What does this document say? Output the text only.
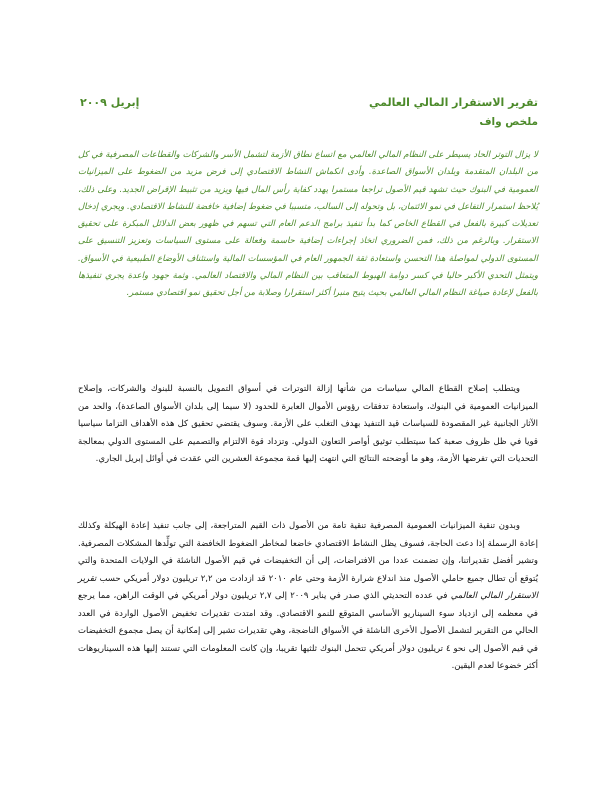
تقرير الاستقرار المالي العالمي
إبريل ٢٠٠٩
ملخص واف

لا يزال التوتر الحاد يسيطر على النظام المالي العالمي مع اتساع نطاق الأزمة لتشمل الأسر والشركات والقطاعات المصرفية في كل من البلدان المتقدمة وبلدان الأسواق الصاعدة. وأدى انكماش النشاط الاقتصادي إلى فرض مزيد من الضغوط على الميزانيات العمومية في البنوك حيث تشهد قيم الأصول تراجعا مستمرا يهدد كفاية رأس المال فيها ويزيد من تثبيط الإقراض الجديد. وعلى ذلك، يُلاحظ استمرار التفاعل في نمو الائتمان، بل وتحوله إلى السالب، متسببا في ضغوط إضافية خافضة للنشاط الاقتصادي. ويجري إدخال تعديلات كبيرة بالفعل في القطاع الخاص كما بدأ تنفيذ برامج الدعم العام التي تسهم في ظهور بعض الدلائل المبكرة على تحقيق الاستقرار. وبالرغم من ذلك، فمن الضروري اتخاذ إجراءات إضافية حاسمة وفعالة على مستوى السياسات وتعزيز التنسيق على المستوى الدولي لمواصلة هذا التحسن واستعادة ثقة الجمهور العام في المؤسسات المالية واستئناف الأوضاع الطبيعية في الأسواق. ويتمثل التحدي الأكبر حاليا في كسر دوامة الهبوط المتعاقب بين النظام المالي والاقتصاد العالمي. وثمة جهود واعدة يجري تنفيذها بالفعل لإعادة صياغة النظام المالي العالمي بحيث يتيح منبرا أكثر استقرارا وصلابة من أجل تحقيق نمو اقتصادي مستمر.

ويتطلب إصلاح القطاع المالي سياسات من شأنها إزالة التوترات في أسواق التمويل بالنسبة للبنوك والشركات، وإصلاح الميزانيات العمومية في البنوك، واستعادة تدفقات رؤوس الأموال العابرة للحدود (لا سيما إلى بلدان الأسواق الصاعدة)، والحد من الآثار الجانبية غير المقصودة للسياسات قيد التنفيذ بهدف التغلب على الأزمة. وسوف يقتضي تحقيق كل هذه الأهداف التزاما سياسيا قويا في ظل ظروف صعبة كما سيتطلب توثيق أواصر التعاون الدولي. وتزداد قوة الالتزام والتصميم على المستوى الدولي بمعالجة التحديات التي تفرضها الأزمة، وهو ما أوضحته النتائج التي انتهت إليها قمة مجموعة العشرين التي عقدت في أوائل إبريل الجاري.

وبدون تنقية الميزانيات العمومية المصرفية تنقية تامة من الأصول ذات القيم المتراجعة، إلى جانب تنفيذ إعادة الهيكلة وكذلك إعادة الرسملة إذا دعت الحاجة، فسوف يظل النشاط الاقتصادي خاضعا لمخاطر الضغوط الخافضة التي تولِّدها المشكلات المصرفية. وتشير أفضل تقديراتنا، وإن تضمنت عددا من الافتراضات، إلى أن التخفيضات في قيم الأصول الناشئة في الولايات المتحدة والتي يُتوقع أن تطال جميع حاملي الأصول منذ اندلاع شرارة الأزمة وحتى عام ٢٠١٠ قد ازدادت من ٢,٢ تريليون دولار أمريكي حسب تقرير الاستقرار المالي العالمي في عدده التحديثي الذي صدر في يناير ٢٠٠٩ إلى ٢,٧ تريليون دولار أمريكي في الوقت الراهن، مما يرجع في معظمه إلى ازدياد سوء السيناريو الأساسي المتوقع للنمو الاقتصادي. وقد امتدت تقديرات تخفيض الأصول الواردة في العدد الحالي من التقرير لتشمل الأصول الأخرى الناشئة في الأسواق الناضجة، وهي تقديرات تشير إلى إمكانية أن يصل مجموع التخفيضات في قيم الأصول إلى نحو ٤ تريليون دولار أمريكي تتحمل البنوك ثلثيها تقريبا، وإن كانت المعلومات التي تستند إليها هذه السيناريوهات أكثر خضوعا لعدم اليقين.
